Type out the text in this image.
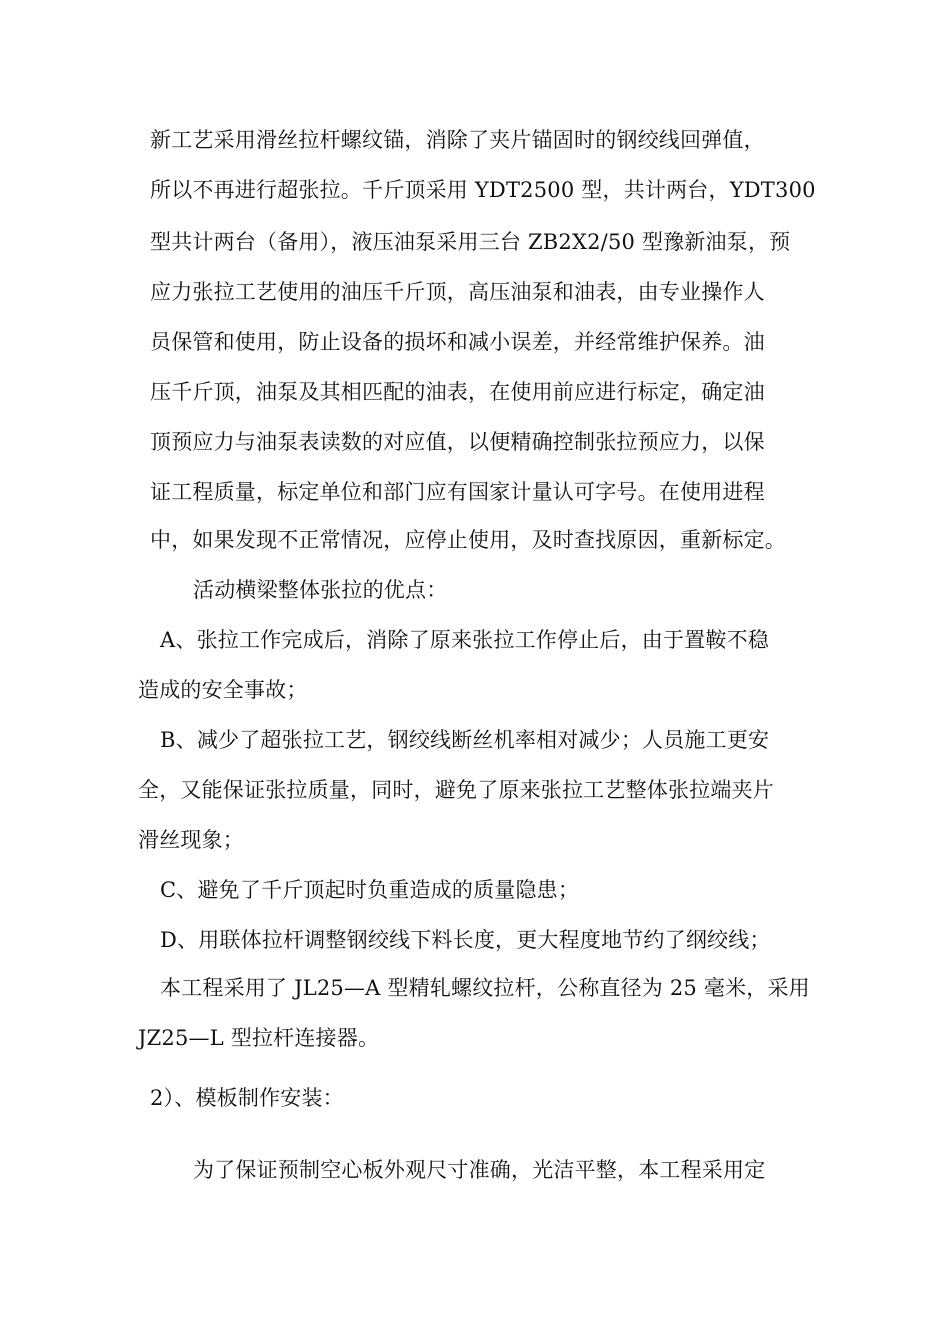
新工艺采用滑丝拉杆螺纹锚，消除了夹片锚固时的钢绞线回弹值，
所以不再进行超张拉。千斤顶采用 YDT2500 型，共计两台，YDT300
型共计两台（备用），液压油泵采用三台 ZB2X2/50 型豫新油泵，预
应力张拉工艺使用的油压千斤顶，高压油泵和油表，由专业操作人
员保管和使用，防止设备的损坏和减小误差，并经常维护保养。油
压千斤顶，油泵及其相匹配的油表，在使用前应进行标定，确定油
顶预应力与油泵表读数的对应值，以便精确控制张拉预应力，以保
证工程质量，标定单位和部门应有国家计量认可字号。在使用进程
中，如果发现不正常情况，应停止使用，及时查找原因，重新标定。
活动横梁整体张拉的优点：
A、张拉工作完成后，消除了原来张拉工作停止后，由于置鞍不稳
造成的安全事故；
B、减少了超张拉工艺，钢绞线断丝机率相对减少；人员施工更安
全，又能保证张拉质量，同时，避免了原来张拉工艺整体张拉端夹片
滑丝现象；
C、避免了千斤顶起时负重造成的质量隐患；
D、用联体拉杆调整钢绞线下料长度，更大程度地节约了纲绞线；
本工程采用了 JL25—A 型精轧螺纹拉杆，公称直径为 25 毫米，采用
JZ25—L 型拉杆连接器。
2）、模板制作安装：
为了保证预制空心板外观尺寸准确，光洁平整，本工程采用定
